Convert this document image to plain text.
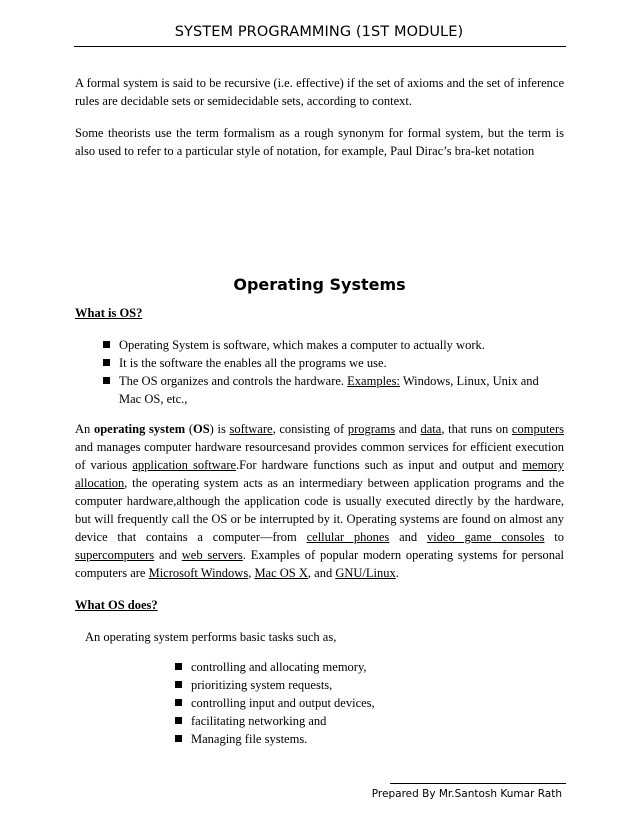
SYSTEM PROGRAMMING (1ST MODULE)

A formal system is said to be recursive (i.e. effective) if the set of axioms and the set of inference rules are decidable sets or semidecidable sets, according to context.

Some theorists use the term formalism as a rough synonym for formal system, but the term is also used to refer to a particular style of notation, for example, Paul Dirac’s bra-ket notation

Operating Systems
What is OS?
Operating System is software, which makes a computer to actually work.
It is the software the enables all the programs we use.
The OS organizes and controls the hardware. Examples: Windows, Linux, Unix and Mac OS, etc.,

An operating system (OS) is software, consisting of programs and data, that runs on computers and manages computer hardware resourcesand provides common services for efficient execution of various application software.For hardware functions such as input and output and memory allocation, the operating system acts as an intermediary between application programs and the computer hardware,although the application code is usually executed directly by the hardware, but will frequently call the OS or be interrupted by it. Operating systems are found on almost any device that contains a computer—from cellular phones and video game consoles to supercomputers and web servers. Examples of popular modern operating systems for personal computers are Microsoft Windows, Mac OS X, and GNU/Linux.

What OS does?
An operating system performs basic tasks such as,
controlling and allocating memory,
prioritizing system requests,
controlling input and output devices,
facilitating networking and
Managing file systems.
Prepared By Mr.Santosh Kumar Rath
